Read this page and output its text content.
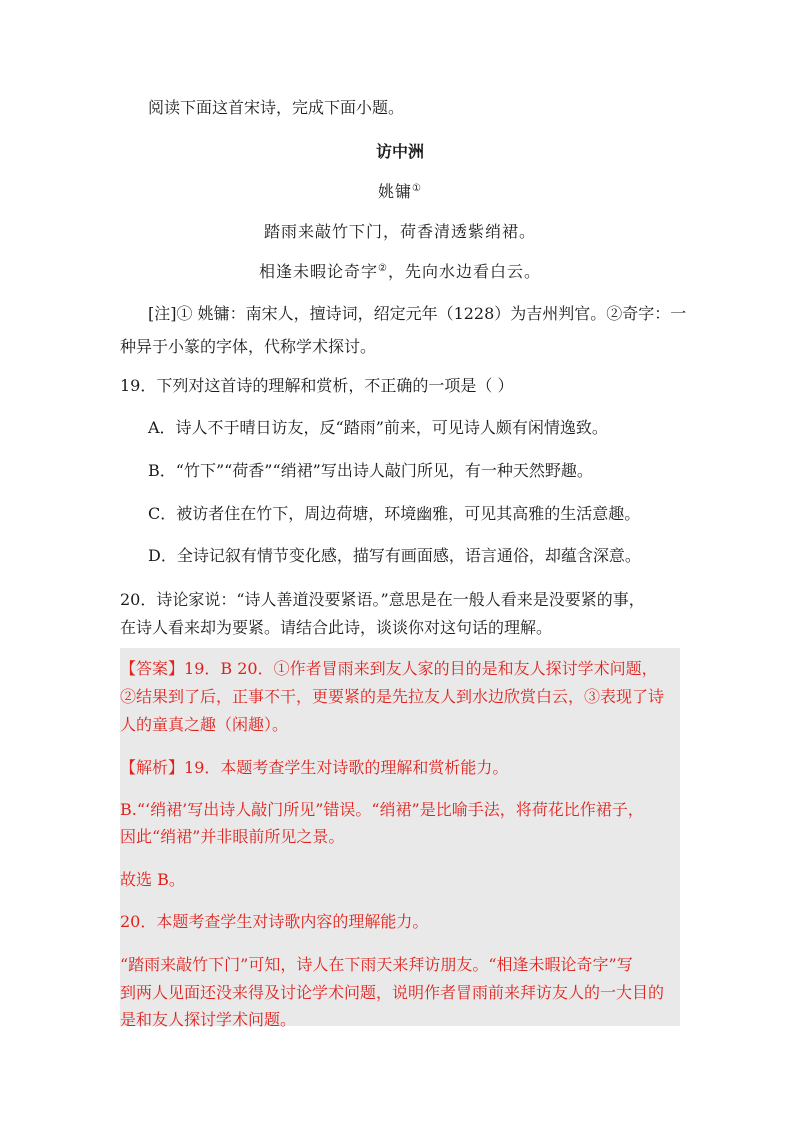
阅读下面这首宋诗，完成下面小题。
访中洲
姚镛①
踏雨来敲竹下门，荷香清透紫绡裙。
相逢未暇论奇字②，先向水边看白云。
[注]① 姚镛：南宋人，擅诗词，绍定元年（1228）为吉州判官。②奇字：一
种异于小篆的字体，代称学术探讨。
19．下列对这首诗的理解和赏析，不正确的一项是（ ）
A．诗人不于晴日访友，反“踏雨”前来，可见诗人颇有闲情逸致。
B．“竹下”“荷香”“绡裙”写出诗人敲门所见，有一种天然野趣。
C．被访者住在竹下，周边荷塘，环境幽雅，可见其高雅的生活意趣。
D．全诗记叙有情节变化感，描写有画面感，语言通俗，却蕴含深意。
20．诗论家说：“诗人善道没要紧语。”意思是在一般人看来是没要紧的事，
在诗人看来却为要紧。请结合此诗，谈谈你对这句话的理解。
【答案】19．B 20．①作者冒雨来到友人家的目的是和友人探讨学术问题，
②结果到了后，正事不干，更要紧的是先拉友人到水边欣赏白云，③表现了诗
人的童真之趣（闲趣）。
【解析】19．本题考查学生对诗歌的理解和赏析能力。
B.“‘绡裙’写出诗人敲门所见”错误。“绡裙”是比喻手法，将荷花比作裙子，
因此“绡裙”并非眼前所见之景。
故选 B。
20．本题考查学生对诗歌内容的理解能力。
“踏雨来敲竹下门”可知，诗人在下雨天来拜访朋友。“相逢未暇论奇字”写
到两人见面还没来得及讨论学术问题，说明作者冒雨前来拜访友人的一大目的
是和友人探讨学术问题。
